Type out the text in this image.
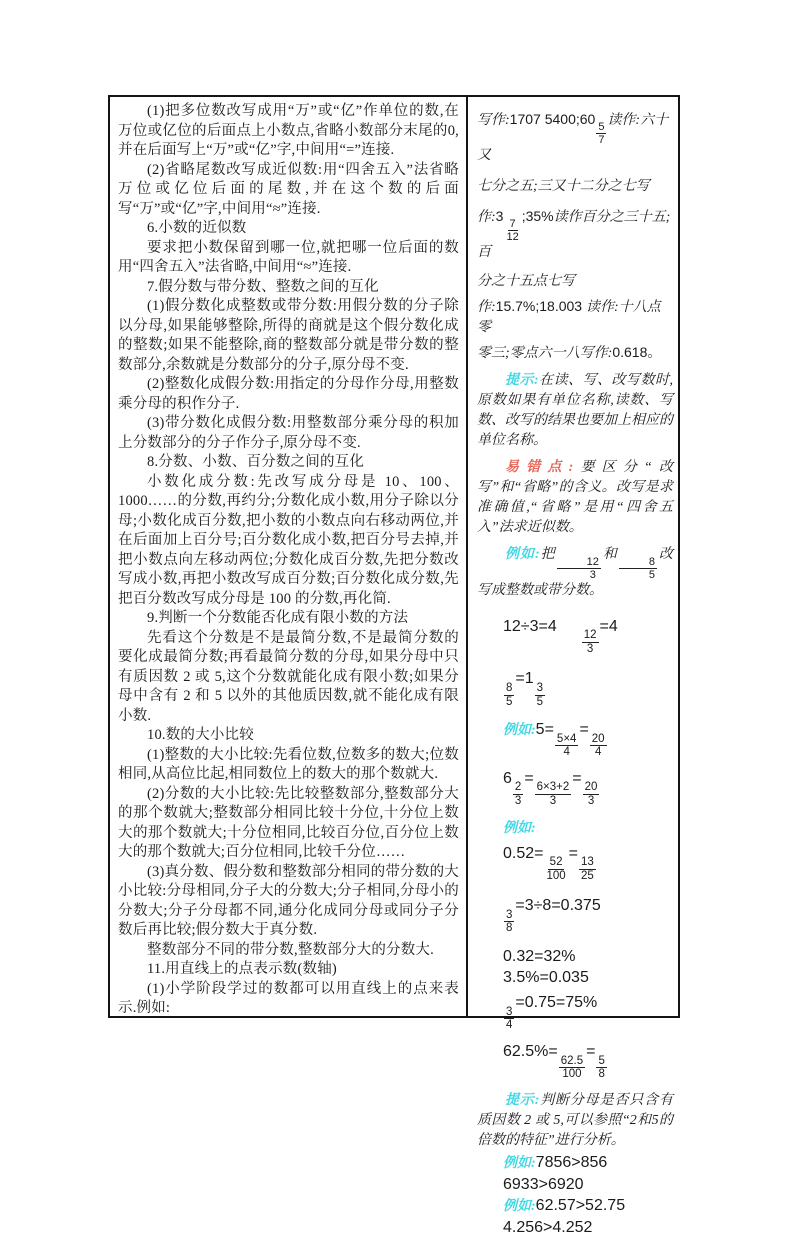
(1)把多位数改写成用“万”或“亿”作单位的数,在万位或亿位的后面点上小数点,省略小数部分末尾的0,并在后面写上“万”或“亿”字,中间用“=”连接.

(2)省略尾数改写成近似数:用“四舍五入”法省略万位或亿位后面的尾数,并在这个数的后面写“万”或“亿”字,中间用“≈”连接.

6.小数的近似数

要求把小数保留到哪一位,就把哪一位后面的数用“四舍五入”法省略,中间用“≈”连接.

7.假分数与带分数、整数之间的互化

(1)假分数化成整数或带分数:用假分数的分子除以分母,如果能够整除,所得的商就是这个假分数化成的整数;如果不能整除,商的整数部分就是带分数的整数部分,余数就是分数部分的分子,原分母不变.

(2)整数化成假分数:用指定的分母作分母,用整数乘分母的积作分子.

(3)带分数化成假分数:用整数部分乘分母的积加上分数部分的分子作分子,原分母不变.

8.分数、小数、百分数之间的互化

小数化成分数:先改写成分母是 10、100、1000……的分数,再约分;分数化成小数,用分子除以分母;小数化成百分数,把小数的小数点向右移动两位,并在后面加上百分号;百分数化成小数,把百分号去掉,并把小数点向左移动两位;分数化成百分数,先把分数改写成小数,再把小数改写成百分数;百分数化成分数,先把百分数改写成分母是 100 的分数,再化简.

9.判断一个分数能否化成有限小数的方法

先看这个分数是不是最简分数,不是最简分数的要化成最简分数;再看最简分数的分母,如果分母中只有质因数 2 或 5,这个分数就能化成有限小数;如果分母中含有 2 和 5 以外的其他质因数,就不能化成有限小数.

10.数的大小比较

(1)整数的大小比较:先看位数,位数多的数大;位数相同,从高位比起,相同数位上的数大的那个数就大.

(2)分数的大小比较:先比较整数部分,整数部分大的那个数就大;整数部分相同比较十分位,十分位上数大的那个数就大;十分位相同,比较百分位,百分位上数大的那个数就大;百分位相同,比较千分位……

(3)真分数、假分数和整数部分相同的带分数的大小比较:分母相同,分子大的分数大;分子相同,分母小的分数大;分子分母都不同,通分化成同分母或同分子分数后再比较;假分数大于真分数.

整数部分不同的带分数,整数部分大的分数大.

11.用直线上的点表示数(数轴)

(1)小学阶段学过的数都可以用直线上的点来表示.例如:

写作:1707 5400;60
$\frac{5}{7}$
读作:六十又
七分之五;三又十二分之七写
作:3
$\frac{7}{12}$
;35%读作百分之三十五;百
分之十五点七写
作:15.7%;18.003 读作:十八点零
零三;零点六一八写作:0.618。

提示:在读、写、改写数时,原数如果有单位名称,读数、写数、改写的结果也要加上相应的单位名称。

易错点:要区分“改写”和“省略”的含义。改写是求准确值,“省略”是用“四舍五入”法求近似数。

例如:把
$\frac{12}{3}$
和
$\frac{8}{5}$
改写成整数或带分数。

12÷3=4
$\frac{12}{3}$
=4
$\frac{8}{5}$
=1
$\frac{3}{5}$
例如:5=
$\frac{5\times 4}{4}$
=
$\frac{20}{4}$
6
$\frac{2}{3}$
=
$\frac{6\times 3+2}{3}$
=
$\frac{20}{3}$
例如:
0.52=
$\frac{52}{100}$
=
$\frac{13}{25}$
$\frac{3}{8}$
=3÷8=0.375
0.32=32%
3.5%=0.035
$\frac{3}{4}$
=0.75=75%
62.5%=
$\frac{62.5}{100}$
=
$\frac{5}{8}$

提示:判断分母是否只含有质因数 2 或 5,可以参照“2和5的倍数的特征”进行分析。

例如:7856>856
6933>6920
例如:62.57>52.75
4.256>4.252
